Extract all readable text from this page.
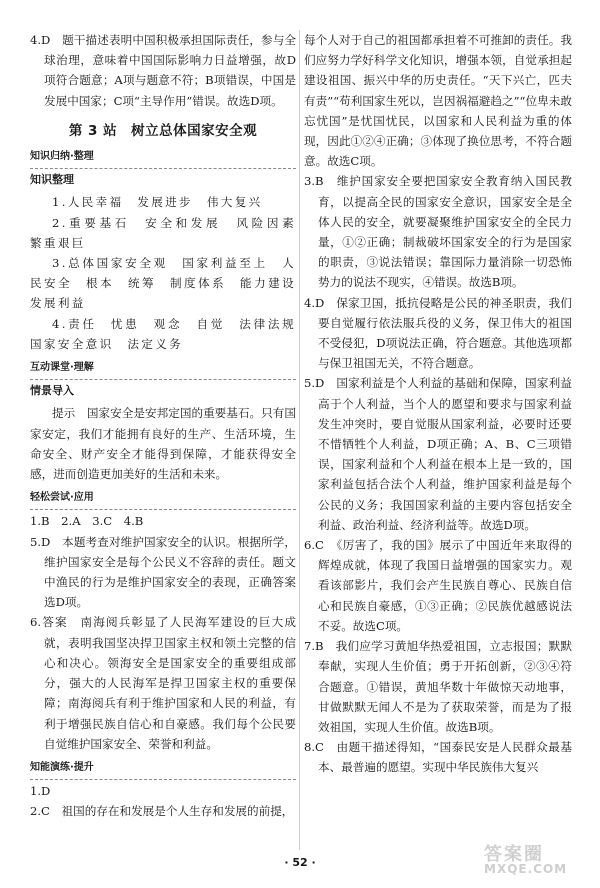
4.D　题干描述表明中国积极承担国际责任，参与全球治理，意味着中国国际影响力日益增强，故D项符合题意；A项与题意不符；B项错误，中国是发展中国家；C项“主导作用”错误。故选D项。

第 3 站　树立总体国家安全观
知识归纳·整理
知识整理

1.人民幸福　发展进步　伟大复兴

2.重要基石　安全和发展　风险因素　繁重艰巨

3.总体国家安全观　国家利益至上　人民安全　根本　统筹　制度体系　能力建设　发展利益

4.责任　忧患　观念　自觉　法律法规　国家安全意识　法定义务

互动课堂·理解
情景导入

提示　国家安全是安邦定国的重要基石。只有国家安定，我们才能拥有良好的生产、生活环境，生命安全、财产安全才能得到保障，才能获得安全感，进而创造更加美好的生活和未来。

轻松尝试·应用

1.B　2.A　3.C　4.B

5.D　本题考查对维护国家安全的认识。根据所学，维护国家安全是每个公民义不容辞的责任。题文中渔民的行为是维护国家安全的表现，正确答案选D项。

6.答案　南海阅兵彰显了人民海军建设的巨大成就，表明我国坚决捍卫国家主权和领土完整的信心和决心。领海安全是国家安全的重要组成部分，强大的人民海军是捍卫国家主权的重要保障；南海阅兵有利于维护国家和人民的利益，有利于增强民族自信心和自豪感。我们每个公民要自觉维护国家安全、荣誉和利益。

知能演练·提升

1.D

2.C　祖国的存在和发展是个人生存和发展的前提，

每个人对于自己的祖国都承担着不可推卸的责任。我们应努力学好科学文化知识，增强本领，自觉承担起建设祖国、振兴中华的历史责任。“天下兴亡，匹夫有责”“苟利国家生死以，岂因祸福避趋之”“位卑未敢忘忧国”是忧国忧民，以国家和人民利益为重的体现，因此①②④正确；③体现了换位思考，不符合题意。故选C项。

3.B　维护国家安全要把国家安全教育纳入国民教育，以提高全民的国家安全意识，国家安全是全体人民的安全，就要凝聚维护国家安全的全民力量，①②正确；制裁破坏国家安全的行为是国家的职责，③说法错误；靠国际力量消除一切恐怖势力的说法不现实，④错误。故选B项。

4.D　保家卫国，抵抗侵略是公民的神圣职责，我们要自觉履行依法服兵役的义务，保卫伟大的祖国不受侵犯，D项说法正确，符合题意。其他选项都与保卫祖国无关，不符合题意。

5.D　国家利益是个人利益的基础和保障，国家利益高于个人利益，当个人的愿望和要求与国家利益发生冲突时，要自觉服从国家利益，必要时还要不惜牺牲个人利益，D项正确；A、B、C三项错误，国家利益和个人利益在根本上是一致的，国家利益包括合法个人利益，维护国家利益是每个公民的义务；我国国家利益的主要内容包括安全利益、政治利益、经济利益等。故选D项。

6.C　《厉害了，我的国》展示了中国近年来取得的辉煌成就，体现了我国日益增强的国家实力。观看该部影片，我们会产生民族自尊心、民族自信心和民族自豪感，①③正确；②民族优越感说法不妥。故选C项。

7.B　我们应学习黄旭华热爱祖国，立志报国；默默奉献，实现人生价值；勇于开拓创新，②③④符合题意。①错误，黄旭华数十年做惊天动地事，甘做默默无闻人不是为了获取荣誉，而是为了报效祖国，实现人生价值。故选B项。

8.C　由题干描述得知，“国泰民安是人民群众最基本、最普遍的愿望。实现中华民族伟大复兴

· 52 ·	答案圈
MXQE.COM
